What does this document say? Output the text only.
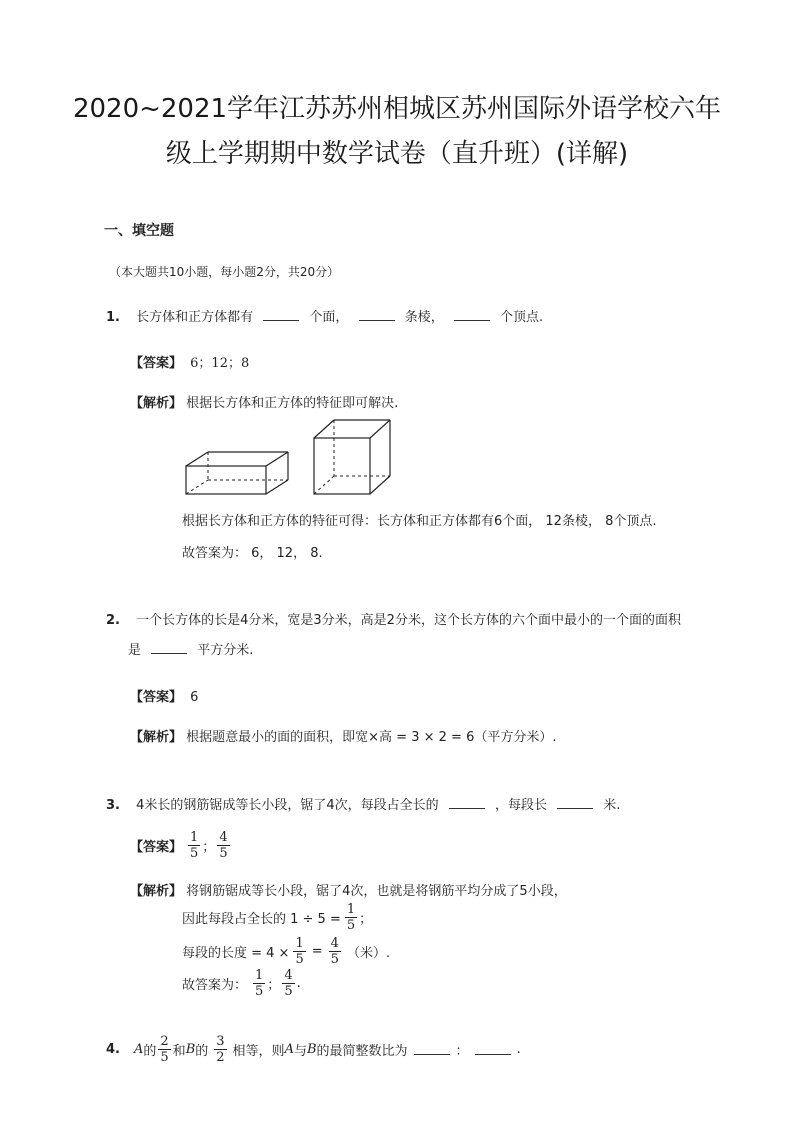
2020~2021学年江苏苏州相城区苏州国际外语学校六年
级上学期期中数学试卷（直升班）(详解)
一、填空题
（本大题共10小题，每小题2分，共20分）
1. 长方体和正方体都有	个面，	条棱，	个顶点.
【答案】 6；12；8
【解析】 根据长方体和正方体的特征即可解决.
根据长方体和正方体的特征可得：长方体和正方体都有6个面， 12条棱， 8个顶点.
故答案为： 6， 12， 8.
2. 一个长方体的长是4分米，宽是3分米，高是2分米，这个长方体的六个面中最小的一个面的面积
是	平方分米.
【答案】 6
【解析】 根据题意最小的面的面积，即宽×高 = 3 × 2 = 6（平方分米）.
3. 4米长的钢筋锯成等长小段，锯了4次，每段占全长的	，每段长	米.
【答案】 $\frac{1}{5}$ ； $\frac{4}{5}$
【解析】 将钢筋锯成等长小段，锯了4次，也就是将钢筋平均分成了5小段，
因此每段占全长的 $1 \div 5 = \frac{1}{5}$ ；
每段的长度 = $4 \times \frac{1}{5} = \frac{4}{5}$ （米）.
故答案为： $\frac{1}{5}$ ； $\frac{4}{5}$ .
4. A 的 $\frac{2}{5}$ 和 B 的 $\frac{3}{2}$ 相等，则 A 与 B 的最简整数比为	：	.
